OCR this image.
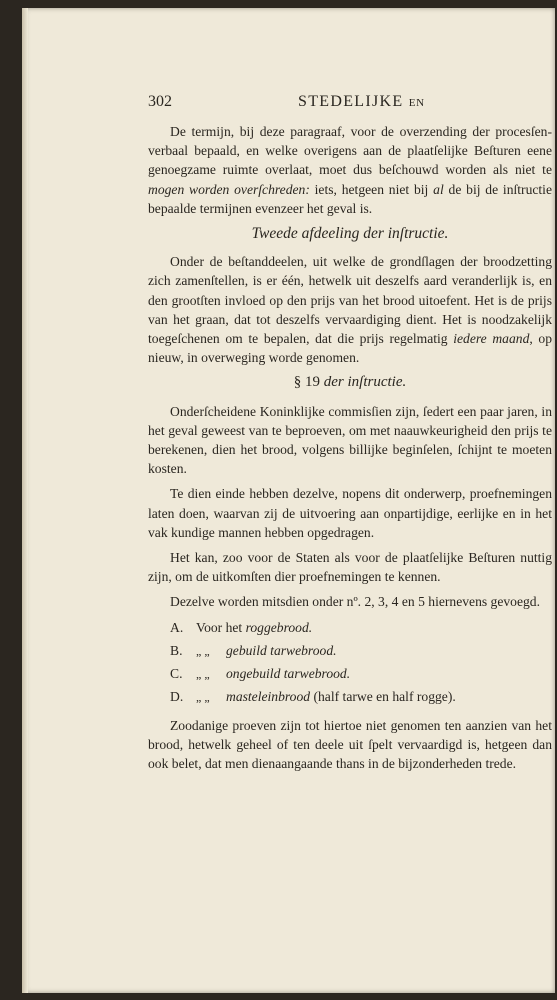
302	STEDELIJKE EN

De termijn, bij deze paragraaf, voor de overzending der procesſen-verbaal bepaald, en welke overigens aan de plaatſelijke Beſturen eene genoegzame ruimte overlaat, moet dus beſchouwd worden als niet te mogen worden overſchreden: iets, hetgeen niet bij al de bij de inſtructie bepaalde termijnen evenzeer het geval is.

Tweede afdeeling der inſtructie.

Onder de beſtanddeelen, uit welke de grondſlagen der broodzetting zich zamenſtellen, is er één, hetwelk uit deszelfs aard veranderlijk is, en den grootſten invloed op den prijs van het brood uitoefent. Het is de prijs van het graan, dat tot deszelfs vervaardiging dient. Het is noodzakelijk toegeſchenen om te bepalen, dat die prijs regelmatig iedere maand, op nieuw, in overweging worde genomen.

§ 19 der inſtructie.

Onderſcheidene Koninklijke commisſien zijn, ſedert een paar jaren, in het geval geweest van te beproeven, om met naauwkeurigheid den prijs te berekenen, dien het brood, volgens billijke beginſelen, ſchijnt te moeten kosten.

Te dien einde hebben dezelve, nopens dit onderwerp, proefnemingen laten doen, waarvan zij de uitvoering aan onpartijdige, eerlijke en in het vak kundige mannen hebben opgedragen.

Het kan, zoo voor de Staten als voor de plaatſelijke Beſturen nuttig zijn, om de uitkomſten dier proefnemingen te kennen.

Dezelve worden mitsdien onder nº. 2, 3, 4 en 5 hiernevens gevoegd.

A. Voor het roggebrood.
B.	„ „	gebuild tarwebrood.
C.	„ „	ongebuild tarwebrood.
D.	„ „	masteleinbrood (half tarwe en half rogge).

Zoodanige proeven zijn tot hiertoe niet genomen ten aanzien van het brood, hetwelk geheel of ten deele uit ſpelt vervaardigd is, hetgeen dan ook belet, dat men dienaangaande thans in de bijzonderheden trede.
